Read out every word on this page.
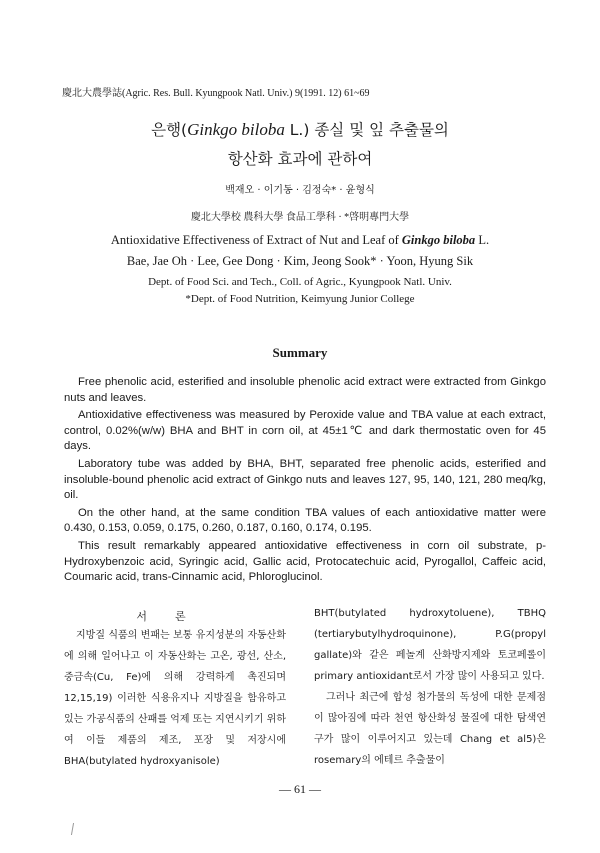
慶北大農學誌(Agric. Res. Bull. Kyungpook Natl. Univ.) 9(1991. 12) 61~69
은행(Ginkgo biloba L.) 종실 및 잎 추출물의
항산화 효과에 관하여
백재오 · 이기동 · 김정숙* · 윤형식
慶北大學校 農科大學 食品工學科 · *啓明專門大學
Antioxidative Effectiveness of Extract of Nut and Leaf of Ginkgo biloba L.
Bae, Jae Oh · Lee, Gee Dong · Kim, Jeong Sook* · Yoon, Hyung Sik
Dept. of Food Sci. and Tech., Coll. of Agric., Kyungpook Natl. Univ.
*Dept. of Food Nutrition, Keimyung Junior College
Summary

Free phenolic acid, esterified and insoluble phenolic acid extract were extracted from Ginkgo nuts and leaves.

Antioxidative effectiveness was measured by Peroxide value and TBA value at each extract, control, 0.02%(w/w) BHA and BHT in corn oil, at 45±1℃ and dark thermostatic oven for 45 days.

Laboratory tube was added by BHA, BHT, separated free phenolic acids, esterified and insoluble-bound phenolic acid extract of Ginkgo nuts and leaves 127, 95, 140, 121, 280 meq/kg, oil.

On the other hand, at the same condition TBA values of each antioxidative matter were 0.430, 0.153, 0.059, 0.175, 0.260, 0.187, 0.160, 0.174, 0.195.

This result remarkably appeared antioxidative effectiveness in corn oil substrate, p-Hydroxybenzoic acid, Syringic acid, Gallic acid, Protocatechuic acid, Pyrogallol, Caffeic acid, Coumaric acid, trans-Cinnamic acid, Phloroglucinol.

서론

지방질 식품의 변패는 보통 유지성분의 자동산화에 의해 일어나고 이 자동산화는 고온, 광선, 산소, 중금속(Cu, Fe)에 의해 강력하게 촉진되며12,15,19) 이러한 식용유지나 지방질을 함유하고 있는 가공식품의 산패를 억제 또는 지연시키기 위하여 이들 제품의 제조, 포장 및 저장시에 BHA(butylated hydroxyanisole)

BHT(butylated hydroxytoluene), TBHQ (tertiarybutylhydroquinone), P.G(propyl gallate)와 같은 페놀계 산화방지제와 토코페롤이 primary antioxidant로서 가장 많이 사용되고 있다.

그러나 최근에 합성 첨가물의 독성에 대한 문제점이 많아짐에 따라 천연 항산화성 물질에 대한 탐색연구가 많이 이루어지고 있는데 Chang et al5)은 rosemary의 에테르 추출물이

— 61 —
